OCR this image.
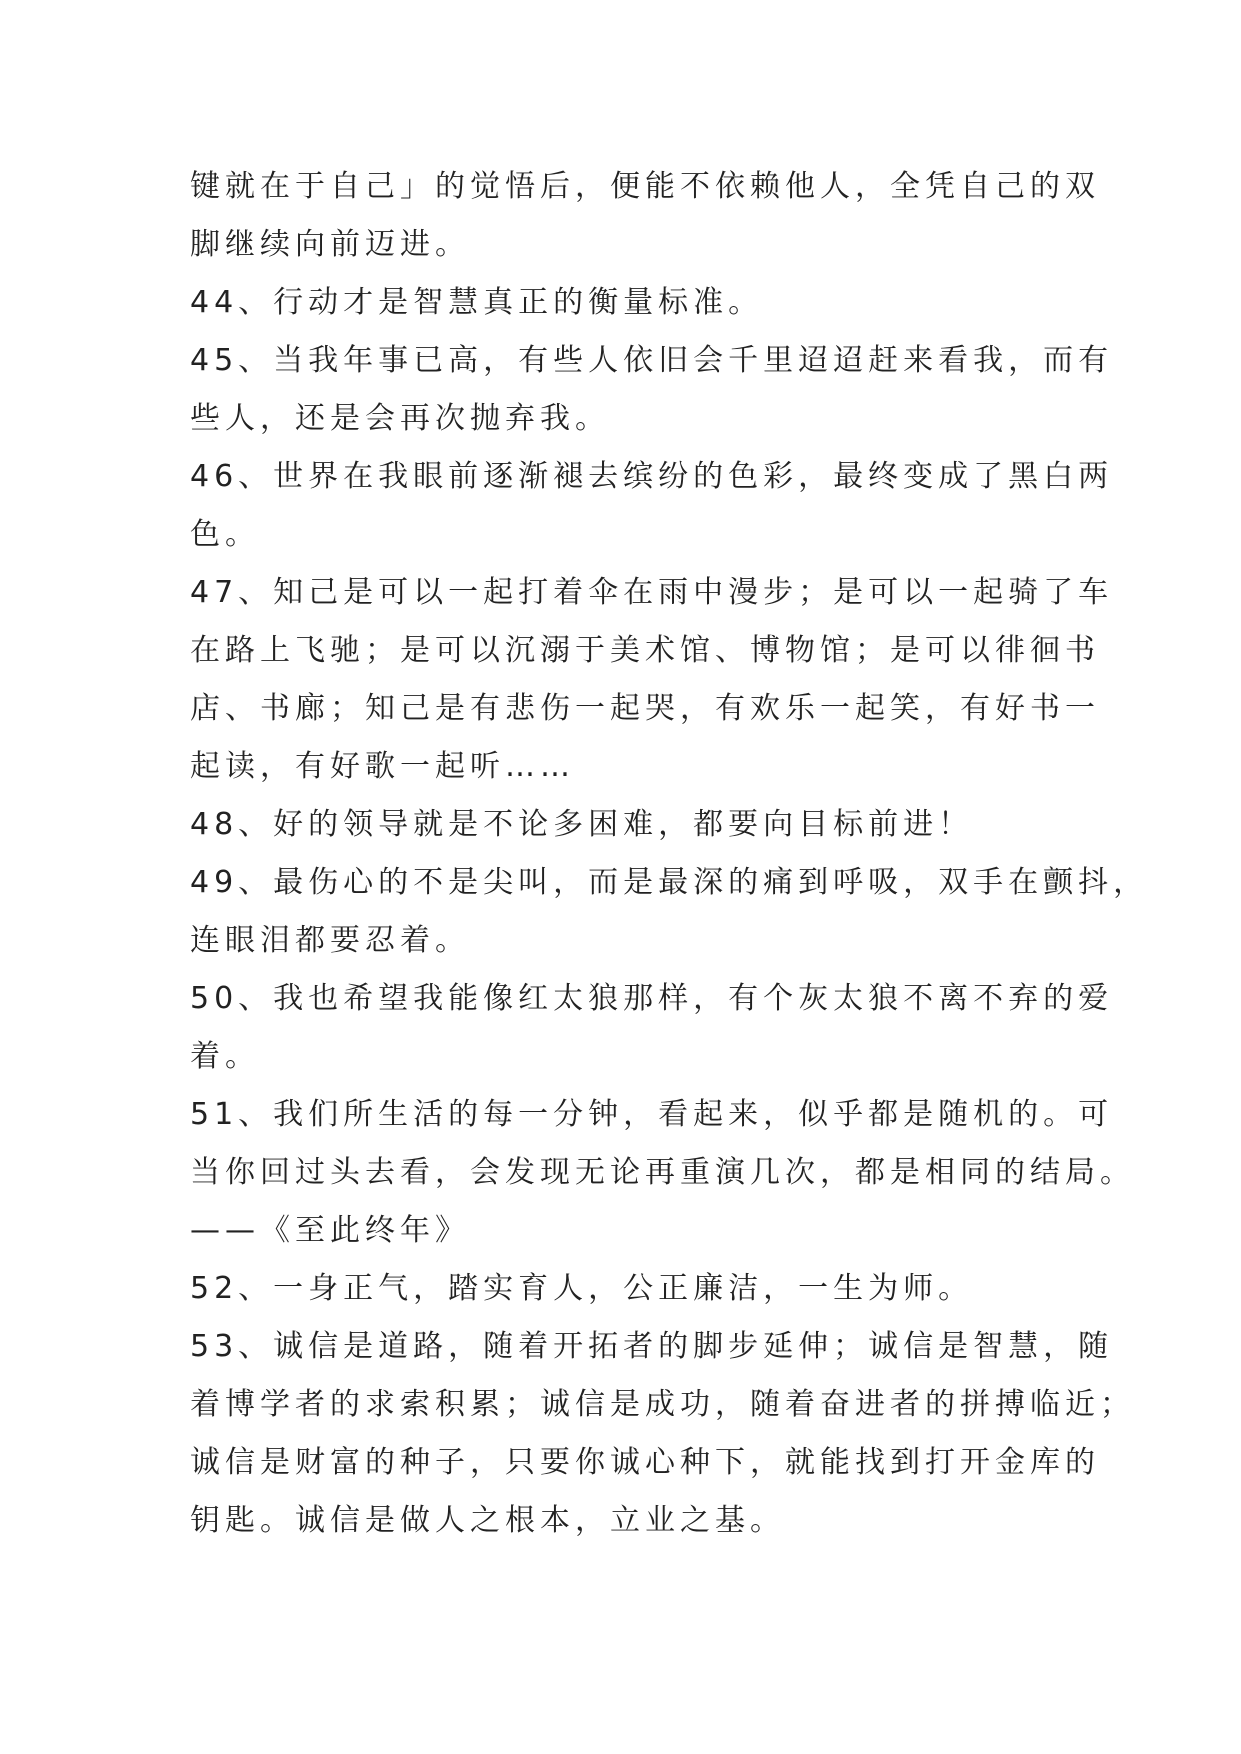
键就在于自己」的觉悟后，便能不依赖他人，全凭自己的双
脚继续向前迈进。
44、行动才是智慧真正的衡量标准。
45、当我年事已高，有些人依旧会千里迢迢赶来看我，而有
些人，还是会再次抛弃我。
46、世界在我眼前逐渐褪去缤纷的色彩，最终变成了黑白两
色。
47、知己是可以一起打着伞在雨中漫步；是可以一起骑了车
在路上飞驰；是可以沉溺于美术馆、博物馆；是可以徘徊书
店、书廊；知己是有悲伤一起哭，有欢乐一起笑，有好书一
起读，有好歌一起听……
48、好的领导就是不论多困难，都要向目标前进！
49、最伤心的不是尖叫，而是最深的痛到呼吸，双手在颤抖，
连眼泪都要忍着。
50、我也希望我能像红太狼那样，有个灰太狼不离不弃的爱
着。
51、我们所生活的每一分钟，看起来，似乎都是随机的。可
当你回过头去看，会发现无论再重演几次，都是相同的结局。
——《至此终年》
52、一身正气，踏实育人，公正廉洁，一生为师。
53、诚信是道路，随着开拓者的脚步延伸；诚信是智慧，随
着博学者的求索积累；诚信是成功，随着奋进者的拼搏临近；
诚信是财富的种子，只要你诚心种下，就能找到打开金库的
钥匙。诚信是做人之根本，立业之基。
